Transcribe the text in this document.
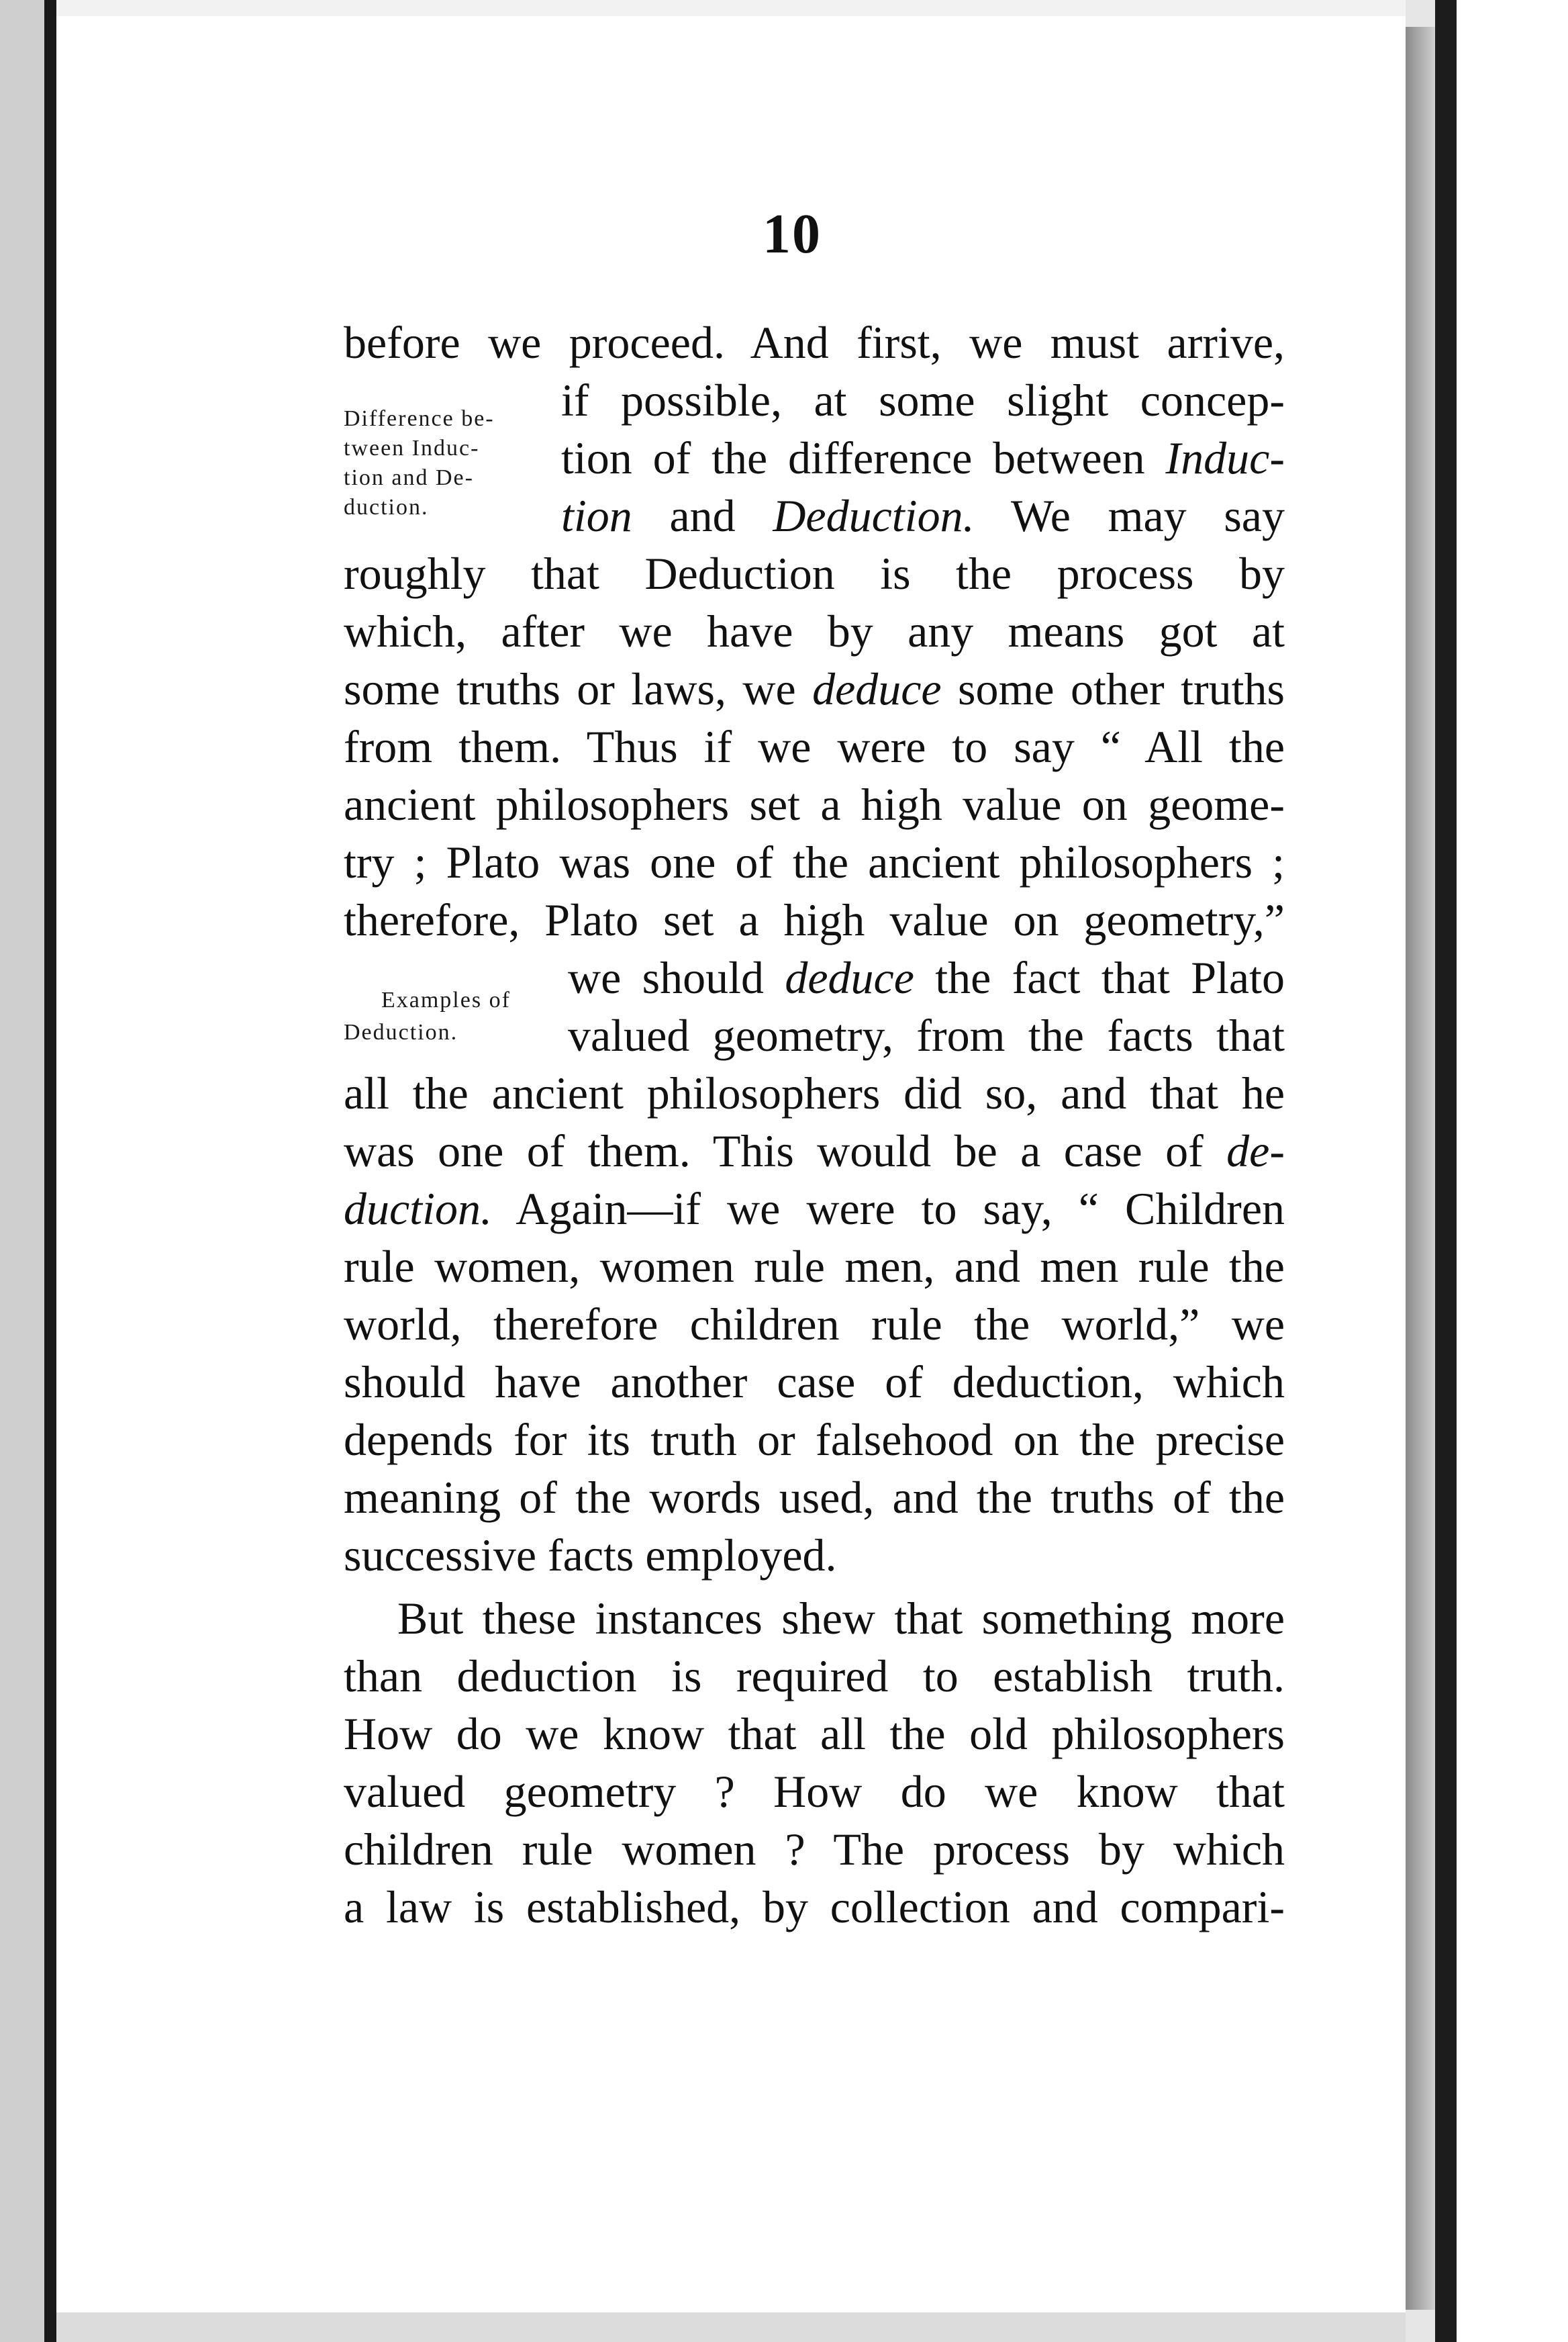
10
Difference be-
tween Induc-
tion and De-
duction.
Examples of
Deduction.
before we proceed. And first, we must arrive,
if possible, at some slight concep-
tion of the difference between Induc-
tion and Deduction. We may say
roughly that Deduction is the process by
which, after we have by any means got at
some truths or laws, we deduce some other truths
from them. Thus if we were to say “ All the
ancient philosophers set a high value on geome-
try ; Plato was one of the ancient philosophers ;
therefore, Plato set a high value on geometry,”
we should deduce the fact that Plato
valued geometry, from the facts that
all the ancient philosophers did so, and that he
was one of them. This would be a case of de-
duction. Again—if we were to say, “ Children
rule women, women rule men, and men rule the
world, therefore children rule the world,” we
should have another case of deduction, which
depends for its truth or falsehood on the precise
meaning of the words used, and the truths of the
successive facts employed.
But these instances shew that something more
than deduction is required to establish truth.
How do we know that all the old philosophers
valued geometry ? How do we know that
children rule women ? The process by which
a law is established, by collection and compari-
